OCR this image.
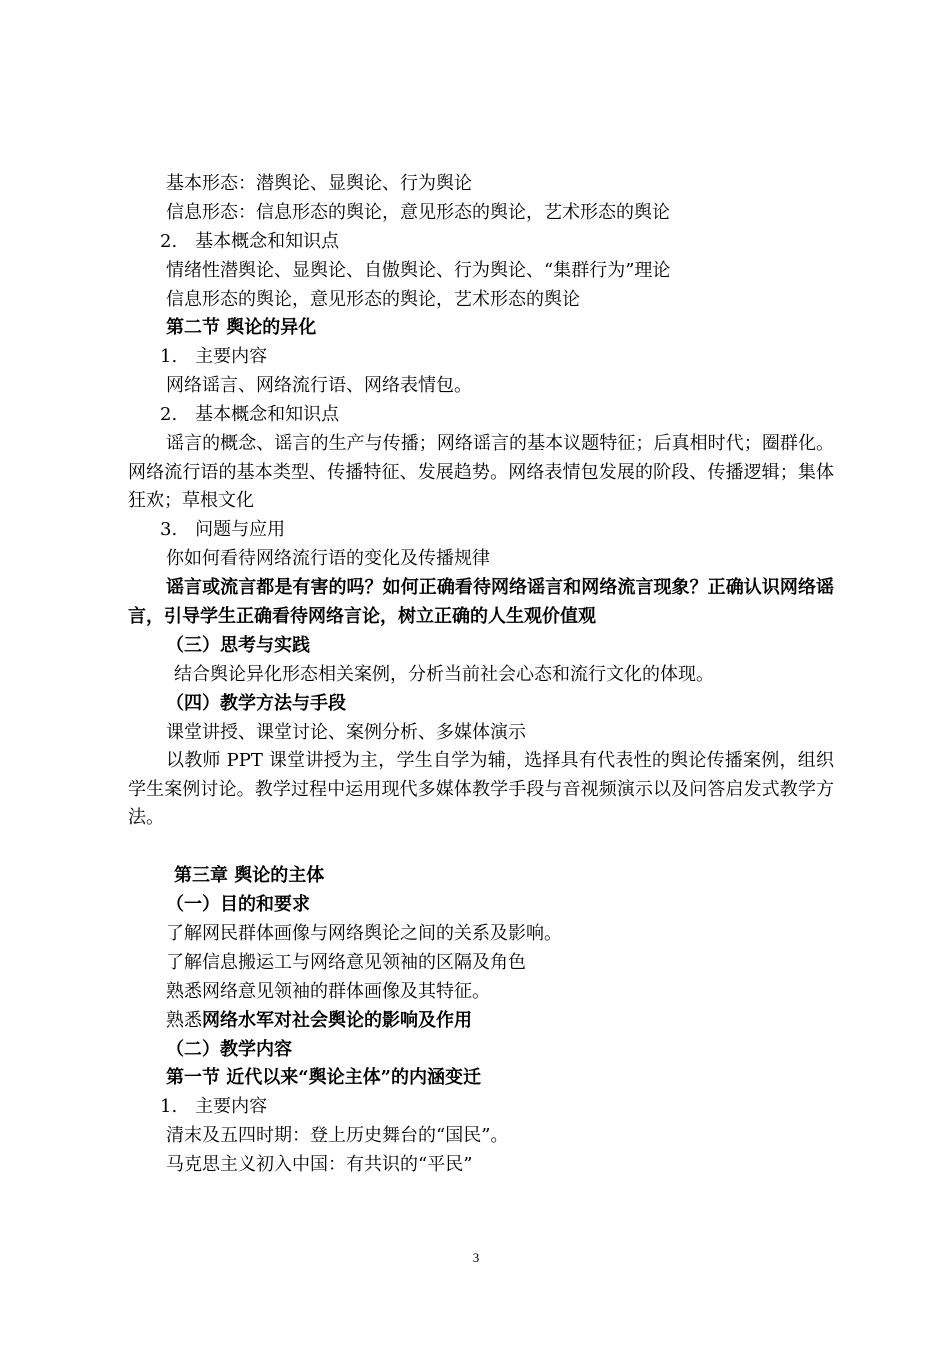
基本形态：潜舆论、显舆论、行为舆论
信息形态：信息形态的舆论，意见形态的舆论，艺术形态的舆论
2.　基本概念和知识点
情绪性潜舆论、显舆论、自傲舆论、行为舆论、“集群行为”理论
信息形态的舆论，意见形态的舆论，艺术形态的舆论
第二节 舆论的异化
1.　主要内容
网络谣言、网络流行语、网络表情包。
2.　基本概念和知识点
谣言的概念、谣言的生产与传播；网络谣言的基本议题特征；后真相时代；圈群化。网络流行语的基本类型、传播特征、发展趋势。网络表情包发展的阶段、传播逻辑；集体狂欢；草根文化
3.　问题与应用
你如何看待网络流行语的变化及传播规律
谣言或流言都是有害的吗？如何正确看待网络谣言和网络流言现象？正确认识网络谣言，引导学生正确看待网络言论，树立正确的人生观价值观
（三）思考与实践
结合舆论异化形态相关案例，分析当前社会心态和流行文化的体现。
（四）教学方法与手段
课堂讲授、课堂讨论、案例分析、多媒体演示
以教师 PPT 课堂讲授为主，学生自学为辅，选择具有代表性的舆论传播案例，组织学生案例讨论。教学过程中运用现代多媒体教学手段与音视频演示以及问答启发式教学方法。
第三章 舆论的主体
（一）目的和要求
了解网民群体画像与网络舆论之间的关系及影响。
了解信息搬运工与网络意见领袖的区隔及角色
熟悉网络意见领袖的群体画像及其特征。
熟悉网络水军对社会舆论的影响及作用
（二）教学内容
第一节 近代以来“舆论主体”的内涵变迁
1.　主要内容
清末及五四时期：登上历史舞台的“国民”。
马克思主义初入中国：有共识的“平民”
3
